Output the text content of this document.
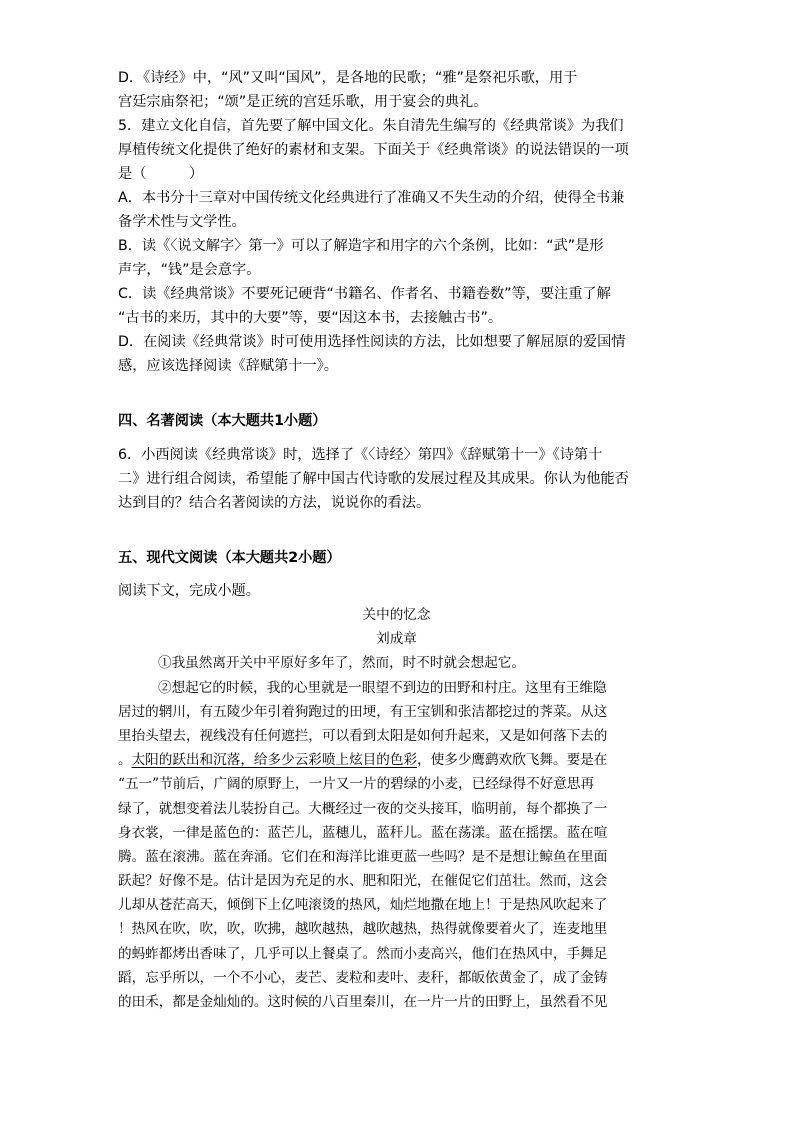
D．《诗经》中，“风”又叫“国风”，是各地的民歌；“雅”是祭祀乐歌，用于
宫廷宗庙祭祀；“颂”是正统的宫廷乐歌，用于宴会的典礼。
5．建立文化自信，首先要了解中国文化。朱自清先生编写的《经典常谈》为我们
厚植传统文化提供了绝好的素材和支架。下面关于《经典常谈》的说法错误的一项
是（　　　）
A．本书分十三章对中国传统文化经典进行了准确又不失生动的介绍，使得全书兼
备学术性与文学性。
B．读《〈说文解字〉第一》可以了解造字和用字的六个条例，比如：“武”是形
声字，“钱”是会意字。
C．读《经典常谈》不要死记硬背“书籍名、作者名、书籍卷数”等，要注重了解
“古书的来历，其中的大要”等，要“因这本书，去接触古书”。
D．在阅读《经典常谈》时可使用选择性阅读的方法，比如想要了解屈原的爱国情
感，应该选择阅读《辞赋第十一》。
四、名著阅读（本大题共1小题）
6．小西阅读《经典常谈》时，选择了《〈诗经〉第四》《辞赋第十一》《诗第十
二》进行组合阅读，希望能了解中国古代诗歌的发展过程及其成果。你认为他能否
达到目的？结合名著阅读的方法，说说你的看法。
五、现代文阅读（本大题共2小题）
阅读下文，完成小题。
关中的忆念
刘成章
①我虽然离开关中平原好多年了，然而，时不时就会想起它。
②想起它的时候，我的心里就是一眼望不到边的田野和村庄。这里有王维隐
居过的辋川，有五陵少年引着狗跑过的田埂，有王宝钏和张洁都挖过的荠菜。从这
里抬头望去，视线没有任何遮拦，可以看到太阳是如何升起来，又是如何落下去的
。太阳的跃出和沉落，给多少云彩喷上炫目的色彩，使多少鹰鹞欢欣飞舞。要是在
“五一”节前后，广阔的原野上，一片又一片的碧绿的小麦，已经绿得不好意思再
绿了，就想变着法儿装扮自己。大概经过一夜的交头接耳，临明前，每个都换了一
身衣裳，一律是蓝色的：蓝芒儿，蓝穗儿，蓝秆儿。蓝在荡漾。蓝在摇摆。蓝在喧
腾。蓝在滚沸。蓝在奔涌。它们在和海洋比谁更蓝一些吗？是不是想让鲸鱼在里面
跃起？好像不是。估计是因为充足的水、肥和阳光，在催促它们茁壮。然而，这会
儿却从苍茫高天，倾倒下上亿吨滚烫的热风，灿烂地撒在地上！于是热风吹起来了
！热风在吹，吹，吹，吹拂，越吹越热，越吹越热，热得就像要着火了，连麦地里
的蚂蚱都烤出香味了，几乎可以上餐桌了。然而小麦高兴，他们在热风中，手舞足
蹈，忘乎所以，一个不小心，麦芒、麦粒和麦叶、麦秆，都皈依黄金了，成了金铸
的田禾，都是金灿灿的。这时候的八百里秦川，在一片一片的田野上，虽然看不见
